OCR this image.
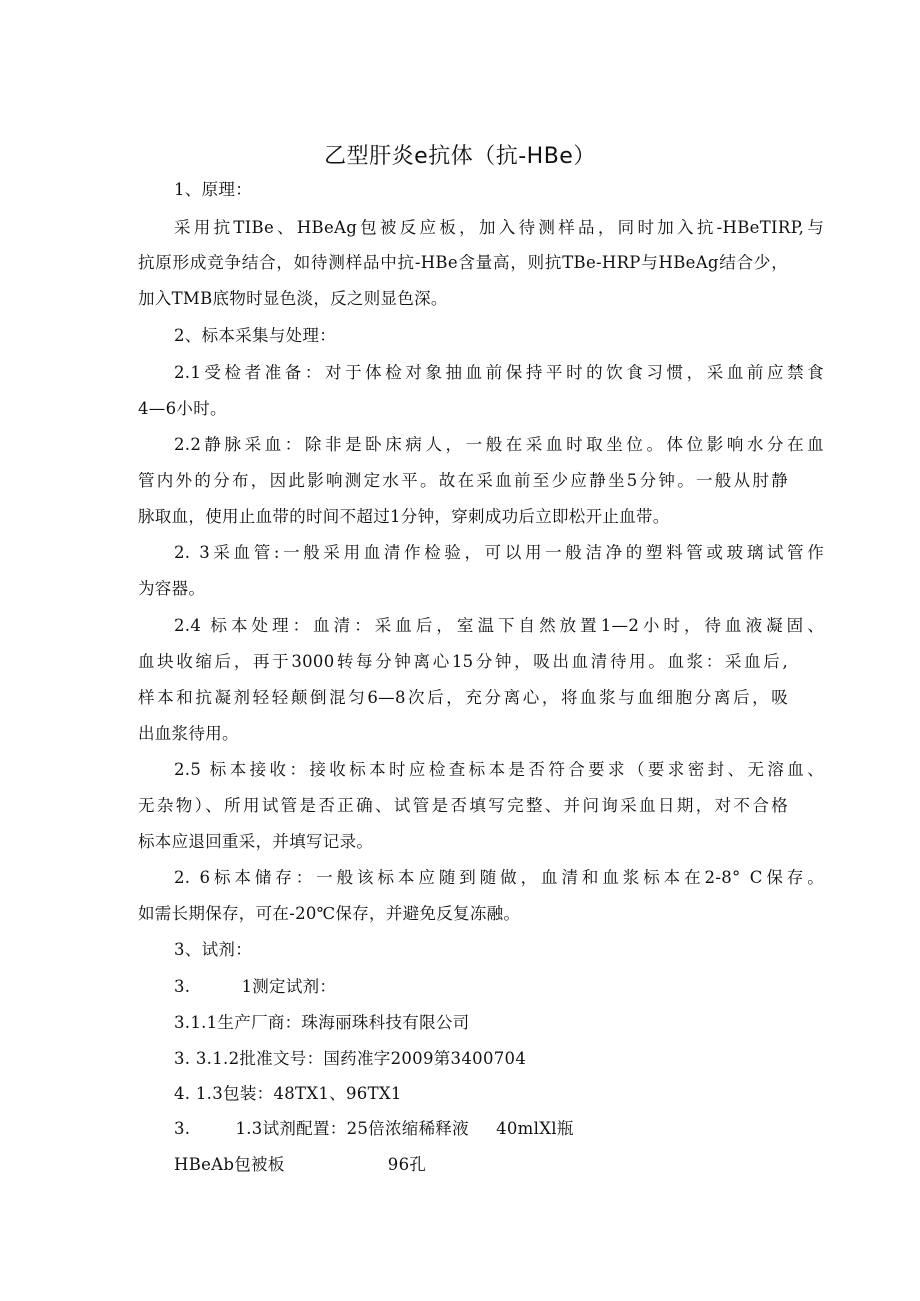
乙型肝炎e抗体（抗-HBe）
1、原理：
采用抗TIBe、HBeAg包被反应板，加入待测样品，同时加入抗-HBeTIRP,与
抗原形成竞争结合，如待测样品中抗-HBe含量高，则抗TBe-HRP与HBeAg结合少，
加入TMB底物时显色淡，反之则显色深。
2、标本采集与处理：
2.1受检者准备：对于体检对象抽血前保持平时的饮食习惯，采血前应禁食
4—6小时。
2.2静脉采血：除非是卧床病人，一般在采血时取坐位。体位影响水分在血
管内外的分布，因此影响测定水平。故在采血前至少应静坐5分钟。一般从肘静
脉取血，使用止血带的时间不超过1分钟，穿刺成功后立即松开止血带。
2. 3采血管:一般采用血清作检验，可以用一般洁净的塑料管或玻璃试管作
为容器。
2.4 标本处理：血清：采血后，室温下自然放置1—2小时，待血液凝固、
血块收缩后，再于3000转每分钟离心15分钟，吸出血清待用。血浆：采血后,
样本和抗凝剂轻轻颠倒混匀6—8次后，充分离心，将血浆与血细胞分离后，吸
出血浆待用。
2.5 标本接收：接收标本时应检查标本是否符合要求（要求密封、无溶血、
无杂物）、所用试管是否正确、试管是否填写完整、并问询采血日期，对不合格
标本应退回重采，并填写记录。
2. 6标本储存：一般该标本应随到随做，血清和血浆标本在2-8° C保存。
如需长期保存，可在-20℃保存，并避免反复冻融。
3、试剂：
3.	1测定试剂：
3.1.1生产厂商：珠海丽珠科技有限公司
3. 3.1.2批准文号：国药准字2009第3400704
4. 1.3包装：48TX1、96TX1
3.	1.3试剂配置：25倍浓缩稀释液 40mlXl瓶
HBeAb包被板	96孔
